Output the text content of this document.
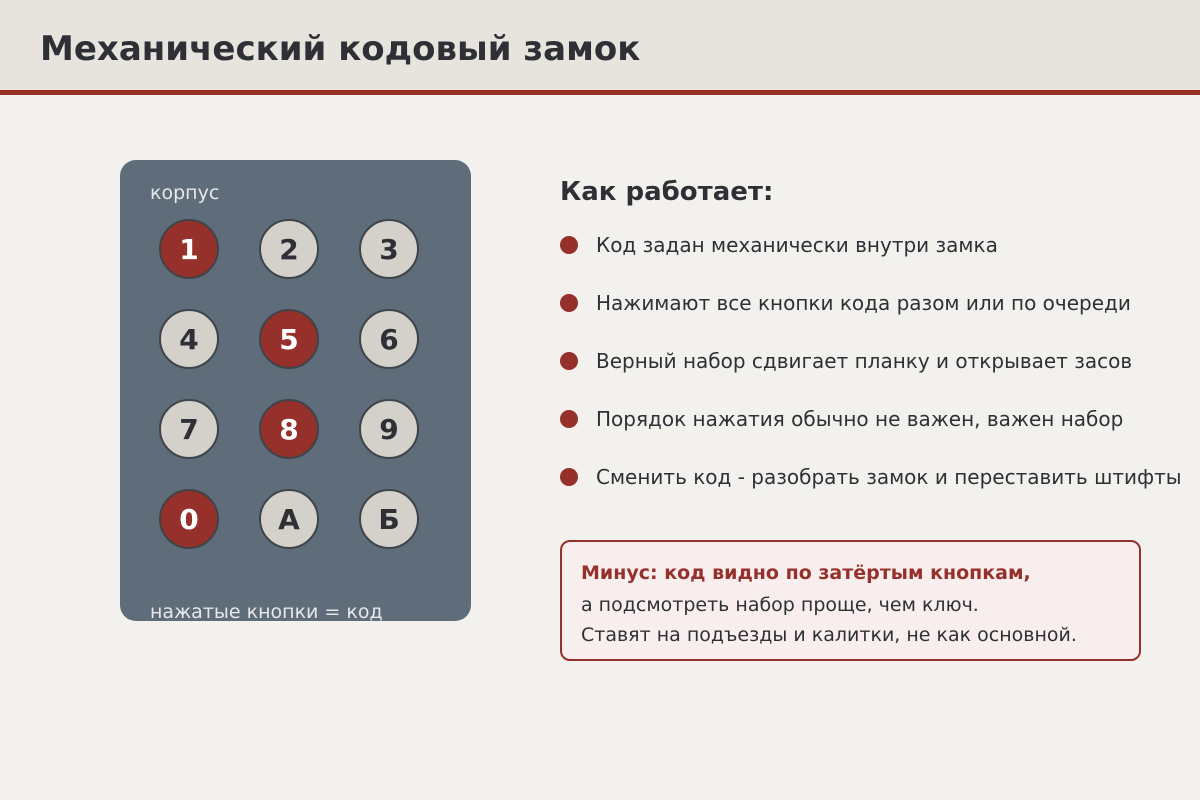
Механический кодовый замок
корпус
1	2	3
4	5	6
7	8	9
0	А	Б
нажатые кнопки = код
Как работает:
Код задан механически внутри замка
Нажимают все кнопки кода разом или по очереди
Верный набор сдвигает планку и открывает засов
Порядок нажатия обычно не важен, важен набор
Сменить код - разобрать замок и переставить штифты
Минус: код видно по затёртым кнопкам,
а подсмотреть набор проще, чем ключ.
Ставят на подъезды и калитки, не как основной.
